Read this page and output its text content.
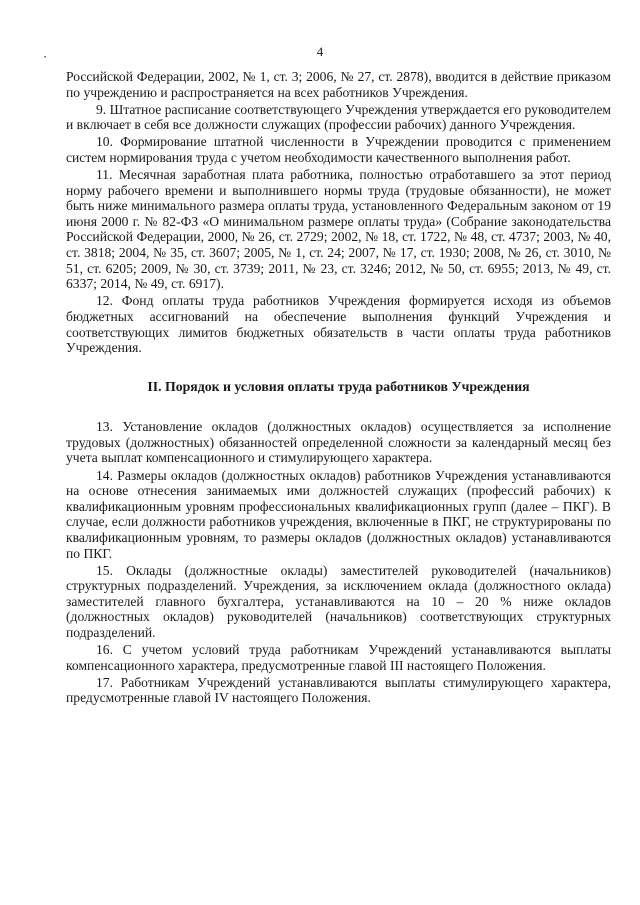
·	4

Российской Федерации, 2002, № 1, ст. 3; 2006, № 27, ст. 2878), вводится в действие приказом по учреждению и распространяется на всех работников Учреждения.

9. Штатное расписание соответствующего Учреждения утверждается его руководителем и включает в себя все должности служащих (профессии рабочих) данного Учреждения.

10. Формирование штатной численности в Учреждении проводится с применением систем нормирования труда с учетом необходимости качественного выполнения работ.

11. Месячная заработная плата работника, полностью отработавшего за этот период норму рабочего времени и выполнившего нормы труда (трудовые обязанности), не может быть ниже минимального размера оплаты труда, установленного Федеральным законом от 19 июня 2000 г. № 82-ФЗ «О минимальном размере оплаты труда» (Собрание законодательства Российской Федерации, 2000, № 26, ст. 2729; 2002, № 18, ст. 1722, № 48, ст. 4737; 2003, № 40, ст. 3818; 2004, № 35, ст. 3607; 2005, № 1, ст. 24; 2007, № 17, ст. 1930; 2008, № 26, ст. 3010, № 51, ст. 6205; 2009, № 30, ст. 3739; 2011, № 23, ст. 3246; 2012, № 50, ст. 6955; 2013, № 49, ст. 6337; 2014, № 49, ст. 6917).

12. Фонд оплаты труда работников Учреждения формируется исходя из объемов бюджетных ассигнований на обеспечение выполнения функций Учреждения и соответствующих лимитов бюджетных обязательств в части оплаты труда работников Учреждения.

II. Порядок и условия оплаты труда работников Учреждения

13. Установление окладов (должностных окладов) осуществляется за исполнение трудовых (должностных) обязанностей определенной сложности за календарный месяц без учета выплат компенсационного и стимулирующего характера.

14. Размеры окладов (должностных окладов) работников Учреждения устанавливаются на основе отнесения занимаемых ими должностей служащих (профессий рабочих) к квалификационным уровням профессиональных квалификационных групп (далее – ПКГ). В случае, если должности работников учреждения, включенные в ПКГ, не структурированы по квалификационным уровням, то размеры окладов (должностных окладов) устанавливаются по ПКГ.

15. Оклады (должностные оклады) заместителей руководителей (начальников) структурных подразделений. Учреждения, за исключением оклада (должностного оклада) заместителей главного бухгалтера, устанавливаются на 10 – 20 % ниже окладов (должностных окладов) руководителей (начальников) соответствующих структурных подразделений.

16. С учетом условий труда работникам Учреждений устанавливаются выплаты компенсационного характера, предусмотренные главой III настоящего Положения.

17. Работникам Учреждений устанавливаются выплаты стимулирующего характера, предусмотренные главой IV настоящего Положения.
